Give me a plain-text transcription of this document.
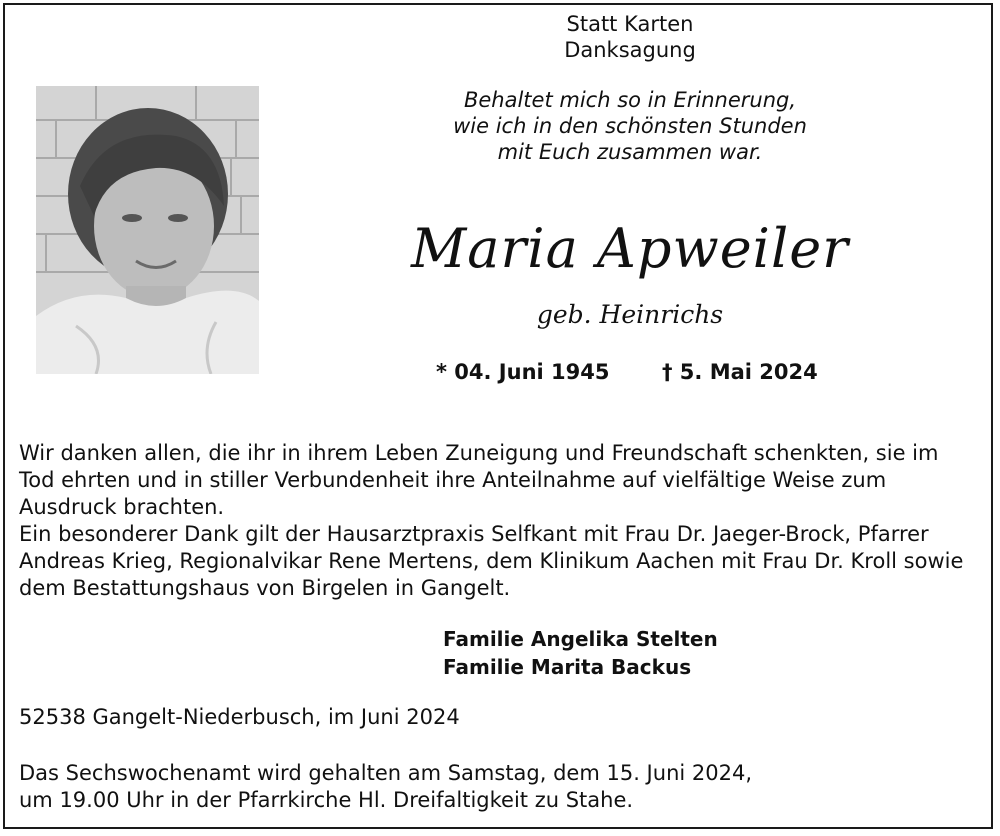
Statt Karten
Danksagung
Behaltet mich so in Erinnerung,
wie ich in den schönsten Stunden
mit Euch zusammen war.
Maria Apweiler
geb. Heinrichs
* 04. Juni 1945	† 5. Mai 2024

Wir danken allen, die ihr in ihrem Leben Zuneigung und Freundschaft schenkten, sie im Tod ehrten und in stiller Verbundenheit ihre Anteilnahme auf vielfältige Weise zum Ausdruck brachten.

Ein besonderer Dank gilt der Hausarztpraxis Selfkant mit Frau Dr. Jaeger-Brock, Pfarrer Andreas Krieg, Regionalvikar Rene Mertens, dem Klinikum Aachen mit Frau Dr. Kroll sowie dem Bestattungshaus von Birgelen in Gangelt.

Familie Angelika Stelten
Familie Marita Backus
52538 Gangelt-Niederbusch, im Juni 2024

Das Sechswochenamt wird gehalten am Samstag, dem 15. Juni 2024,

um 19.00 Uhr in der Pfarrkirche Hl. Dreifaltigkeit zu Stahe.
